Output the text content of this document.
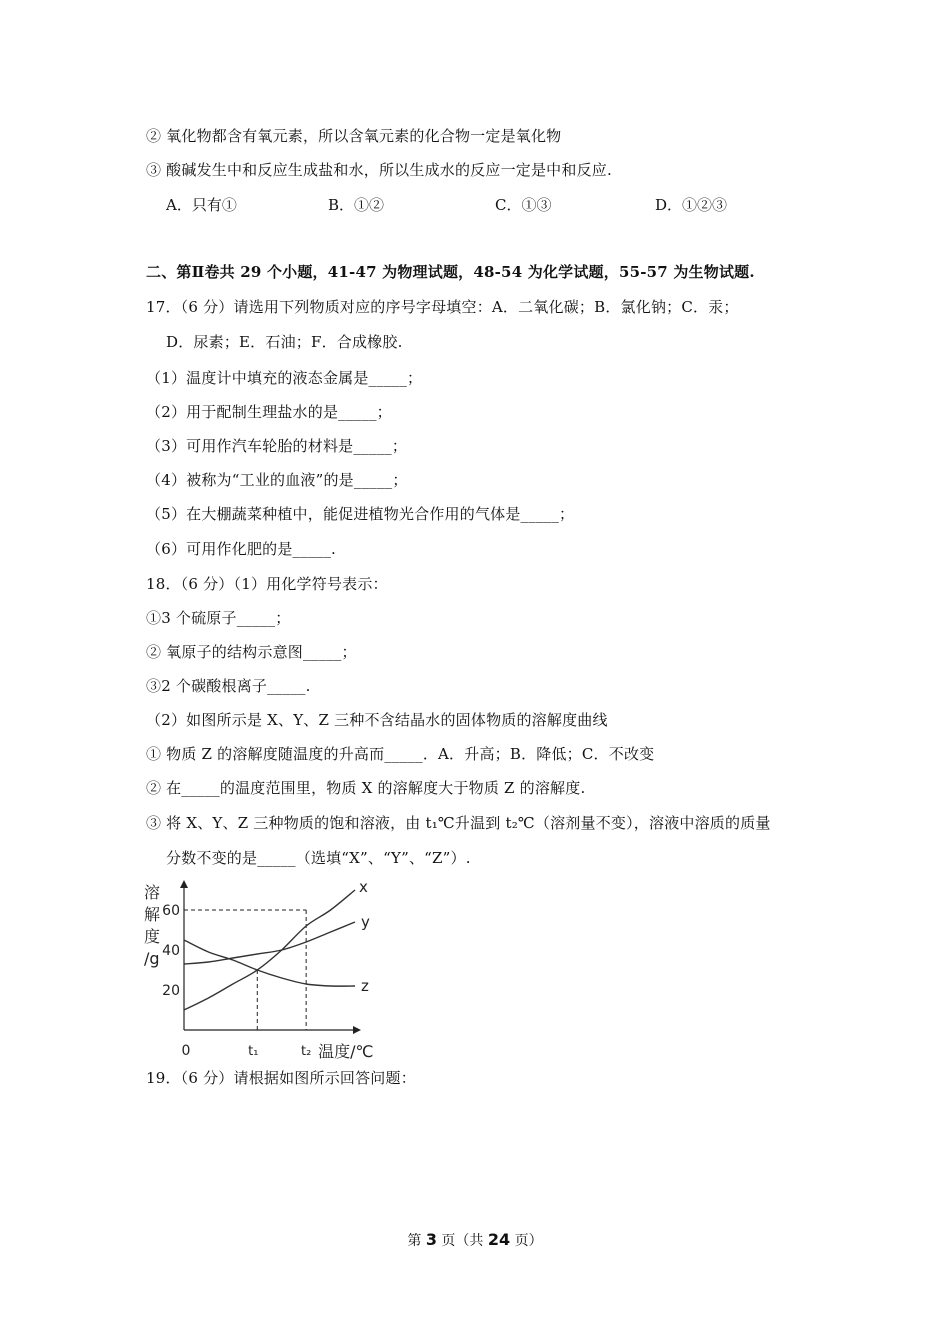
② 氧化物都含有氧元素，所以含氧元素的化合物一定是氧化物
③ 酸碱发生中和反应生成盐和水，所以生成水的反应一定是中和反应.
A．只有①	B．①②	C．①③	D．①②③
二、第Ⅱ卷共 29 个小题，41-47 为物理试题，48-54 为化学试题，55-57 为生物试题.
17．（6 分）请选用下列物质对应的序号字母填空：A．二氧化碳；B．氯化钠；C．汞；
D．尿素；E．石油；F．合成橡胶.
（1）温度计中填充的液态金属是_____；
（2）用于配制生理盐水的是_____；
（3）可用作汽车轮胎的材料是_____；
（4）被称为“工业的血液”的是_____；
（5）在大棚蔬菜种植中，能促进植物光合作用的气体是_____；
（6）可用作化肥的是_____.
18．（6 分）（1）用化学符号表示：
①3 个硫原子_____；
② 氧原子的结构示意图_____；
③2 个碳酸根离子_____.
（2）如图所示是 X、Y、Z 三种不含结晶水的固体物质的溶解度曲线
① 物质 Z 的溶解度随温度的升高而_____．A．升高；B．降低；C．不改变
② 在_____的温度范围里，物质 X 的溶解度大于物质 Z 的溶解度.
③ 将 X、Y、Z 三种物质的饱和溶液，由 t₁℃升温到 t₂℃（溶剂量不变），溶液中溶质的质量
分数不变的是_____（选填“X”、“Y”、“Z”）.
溶
解
度
/g
20
40
60
0	t₁	t₂ 温度/℃
x
y
z
19．（6 分）请根据如图所示回答问题：
第 3 页（共 24 页）
